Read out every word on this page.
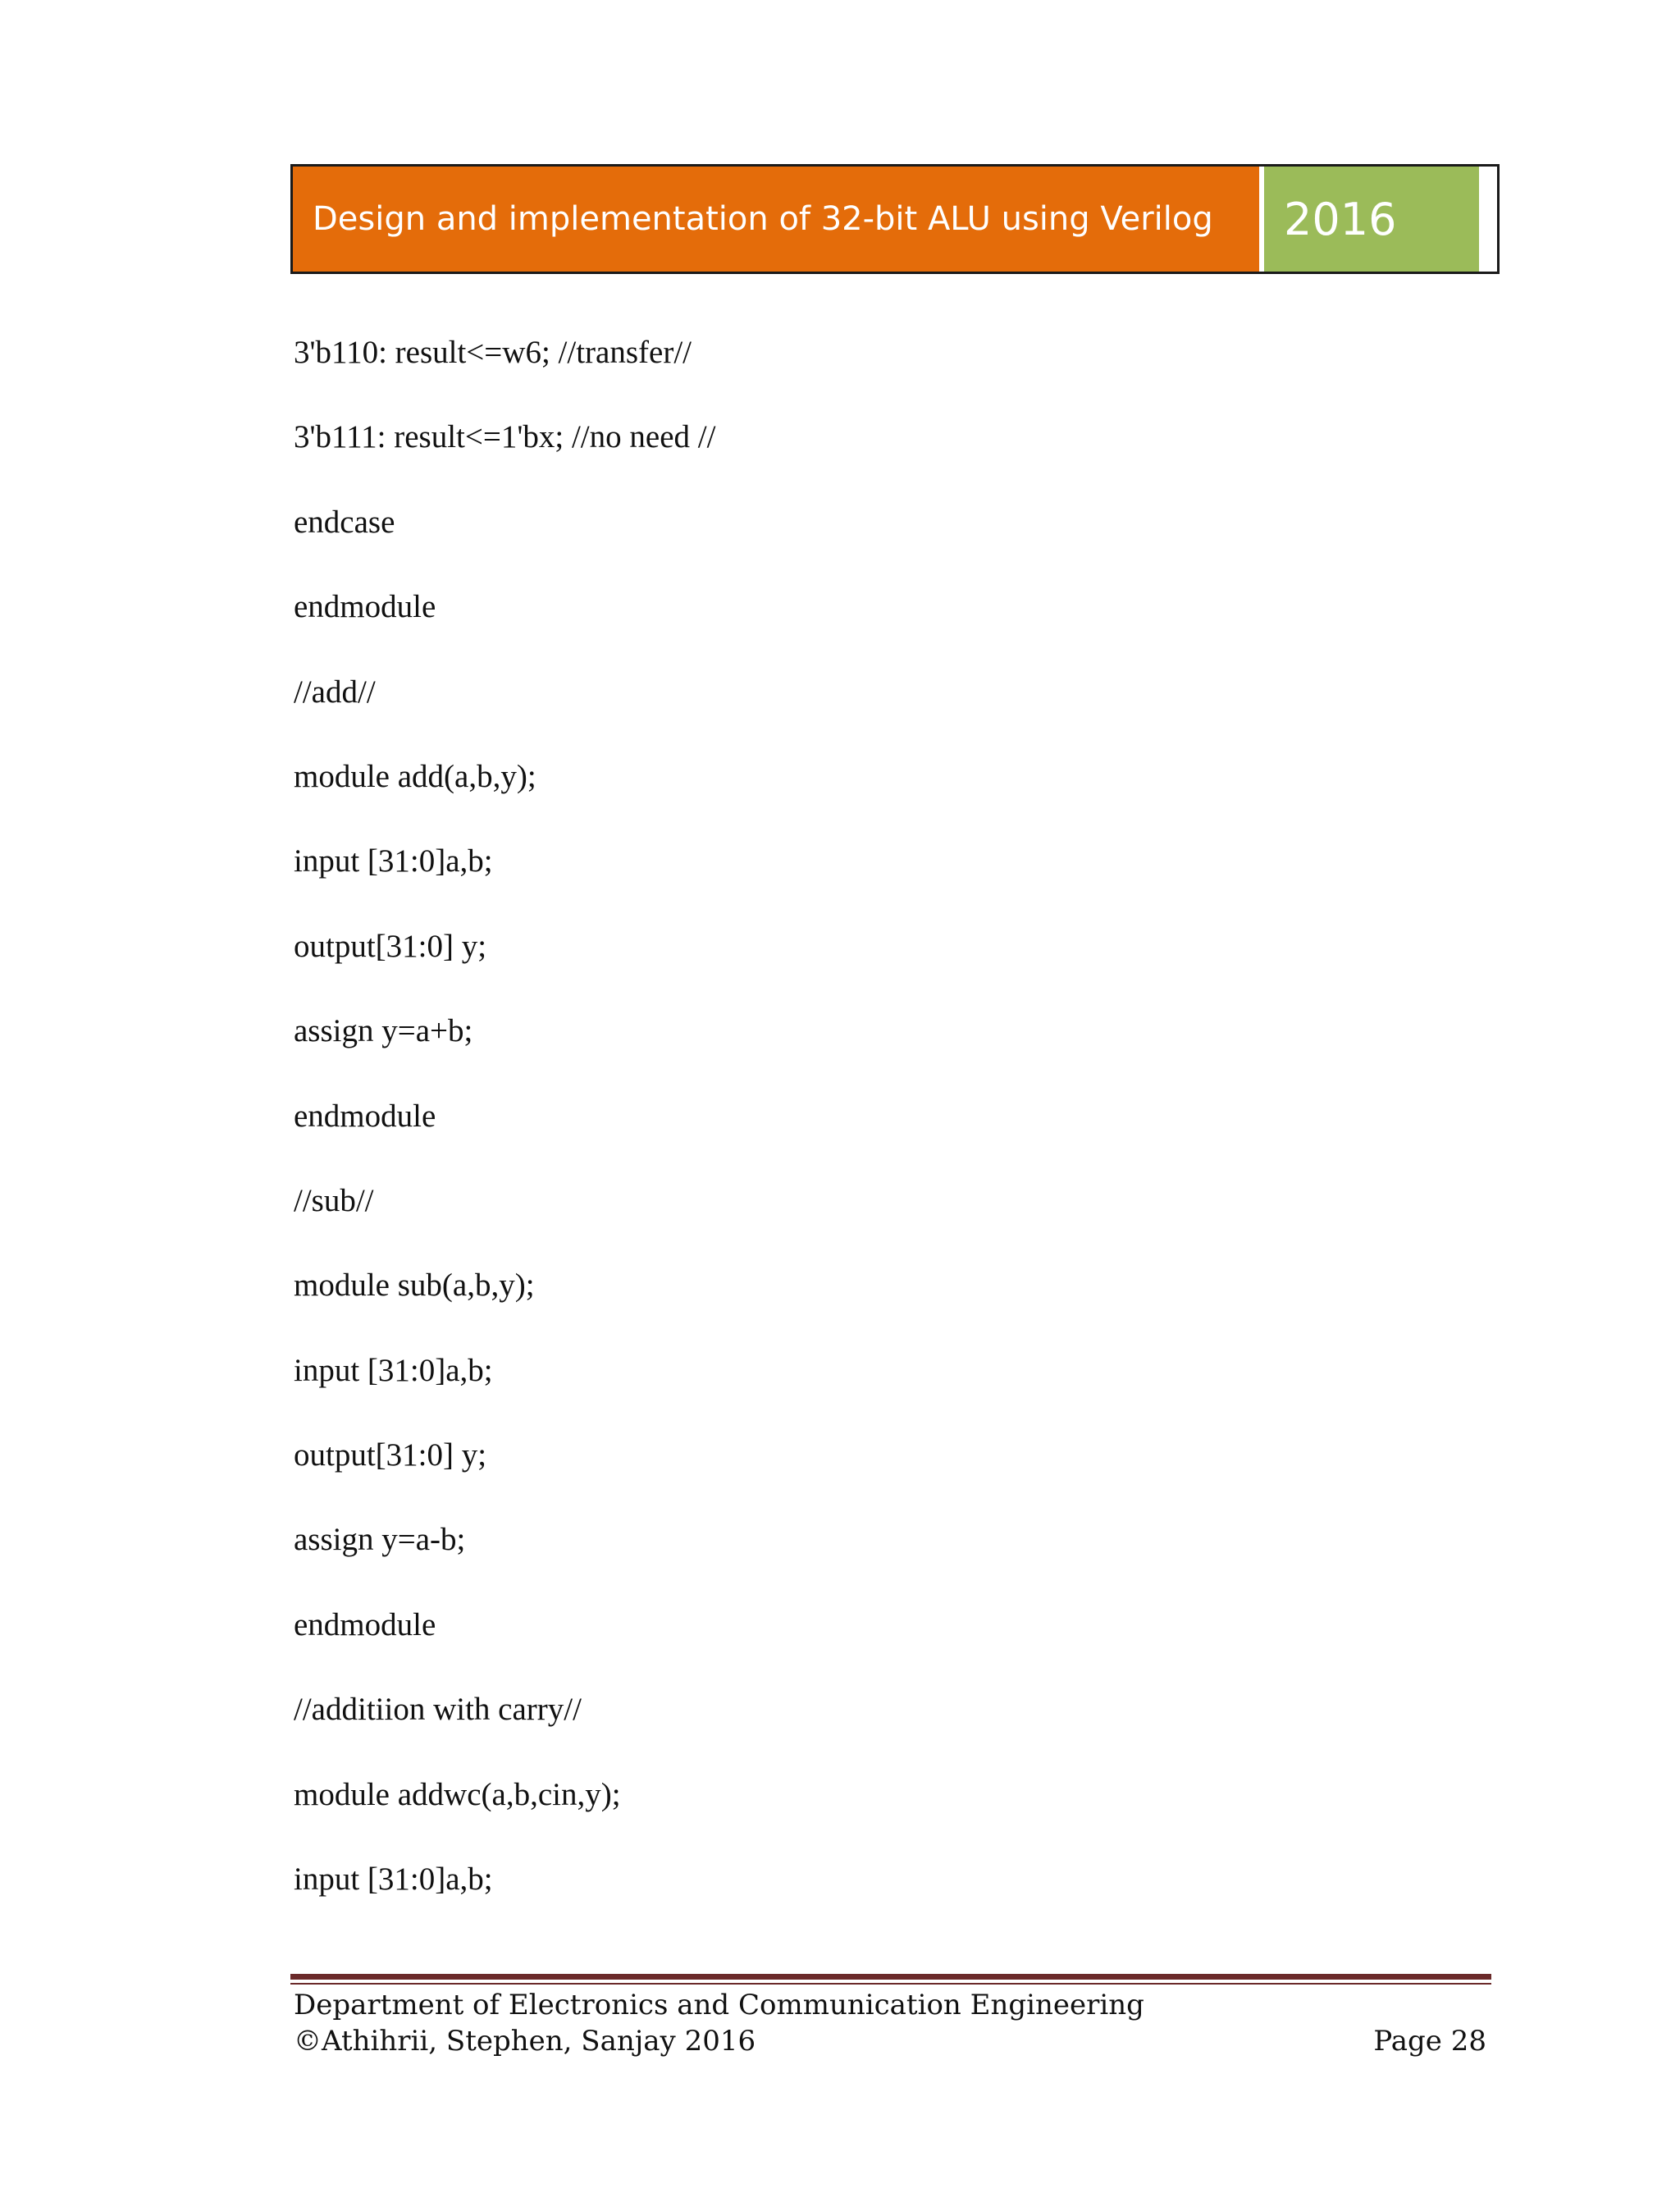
Design and implementation of 32-bit ALU using Verilog 2016
3'b110: result<=w6; //transfer//
3'b111: result<=1'bx; //no need //
endcase
endmodule
//add//
module add(a,b,y);
input [31:0]a,b;
output[31:0] y;
assign y=a+b;
endmodule
//sub//
module sub(a,b,y);
input [31:0]a,b;
output[31:0] y;
assign y=a-b;
endmodule
//additiion with carry//
module addwc(a,b,cin,y);
input [31:0]a,b;
Department of Electronics and Communication Engineering
©Athihrii, Stephen, Sanjay 2016	Page 28
